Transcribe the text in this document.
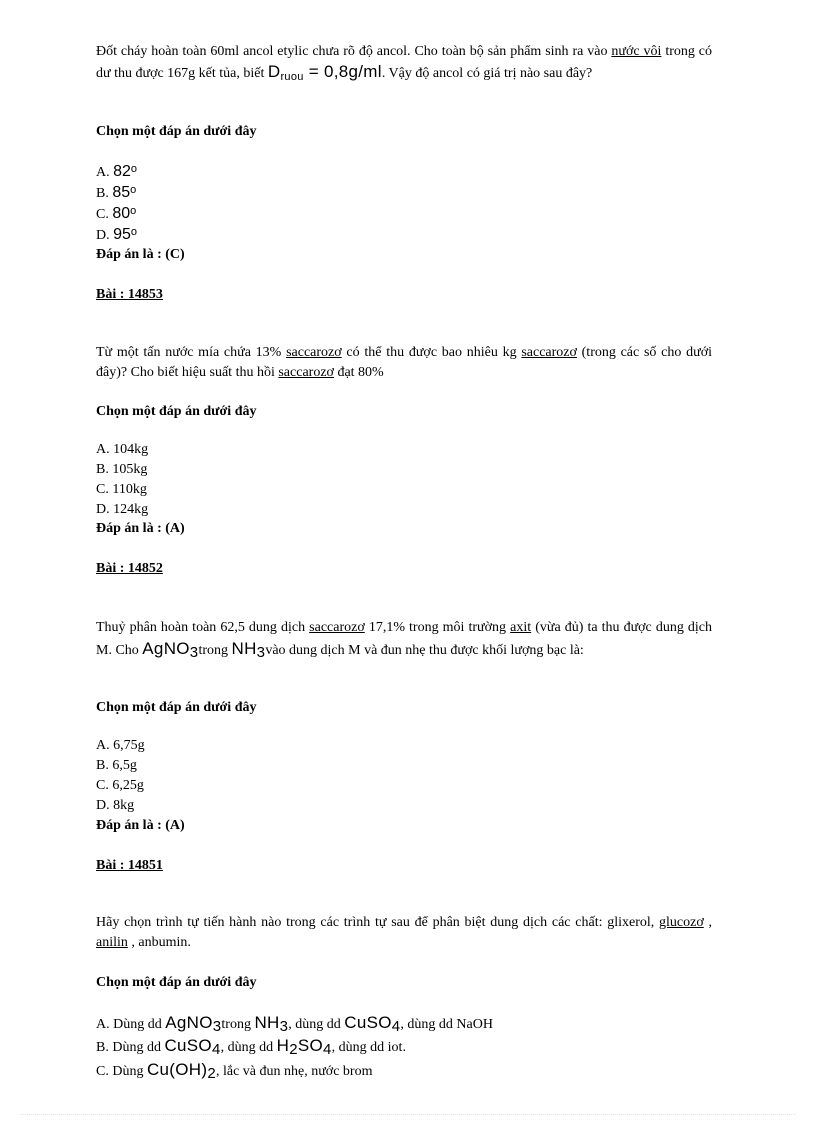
Đốt cháy hoàn toàn 60ml ancol etylic chưa rõ độ ancol. Cho toàn bộ sản phẩm sinh ra vào nước vôi trong có dư thu được 167g kết tủa, biết Druou = 0,8g/ml. Vậy độ ancol có giá trị nào sau đây?

Chọn một đáp án dưới đây
A. 82$^o$
B. 85$^o$
C. 80$^o$
D. 95$^o$
Đáp án là : (C)
Bài : 14853

Từ một tấn nước mía chứa 13% saccarozơ có thể thu được bao nhiêu kg saccarozơ (trong các số cho dưới đây)? Cho biết hiệu suất thu hồi saccarozơ đạt 80%

Chọn một đáp án dưới đây
A. 104kg
B. 105kg
C. 110kg
D. 124kg
Đáp án là : (A)
Bài : 14852

Thuỷ phân hoàn toàn 62,5 dung dịch saccarozơ 17,1% trong môi trường axit (vừa đủ) ta thu được dung dịch M. Cho AgNO3trong NH3vào dung dịch M và đun nhẹ thu được khối lượng bạc là:

Chọn một đáp án dưới đây
A. 6,75g
B. 6,5g
C. 6,25g
D. 8kg
Đáp án là : (A)
Bài : 14851

Hãy chọn trình tự tiến hành nào trong các trình tự sau để phân biệt dung dịch các chất: glixerol, glucozơ , anilin , anbumin.

Chọn một đáp án dưới đây
A. Dùng dd AgNO3trong NH3, dùng dd CuSO4, dùng dd NaOH
B. Dùng dd CuSO4, dùng dd H2SO4, dùng dd iot.
C. Dùng Cu(OH)2, lắc và đun nhẹ, nước brom
